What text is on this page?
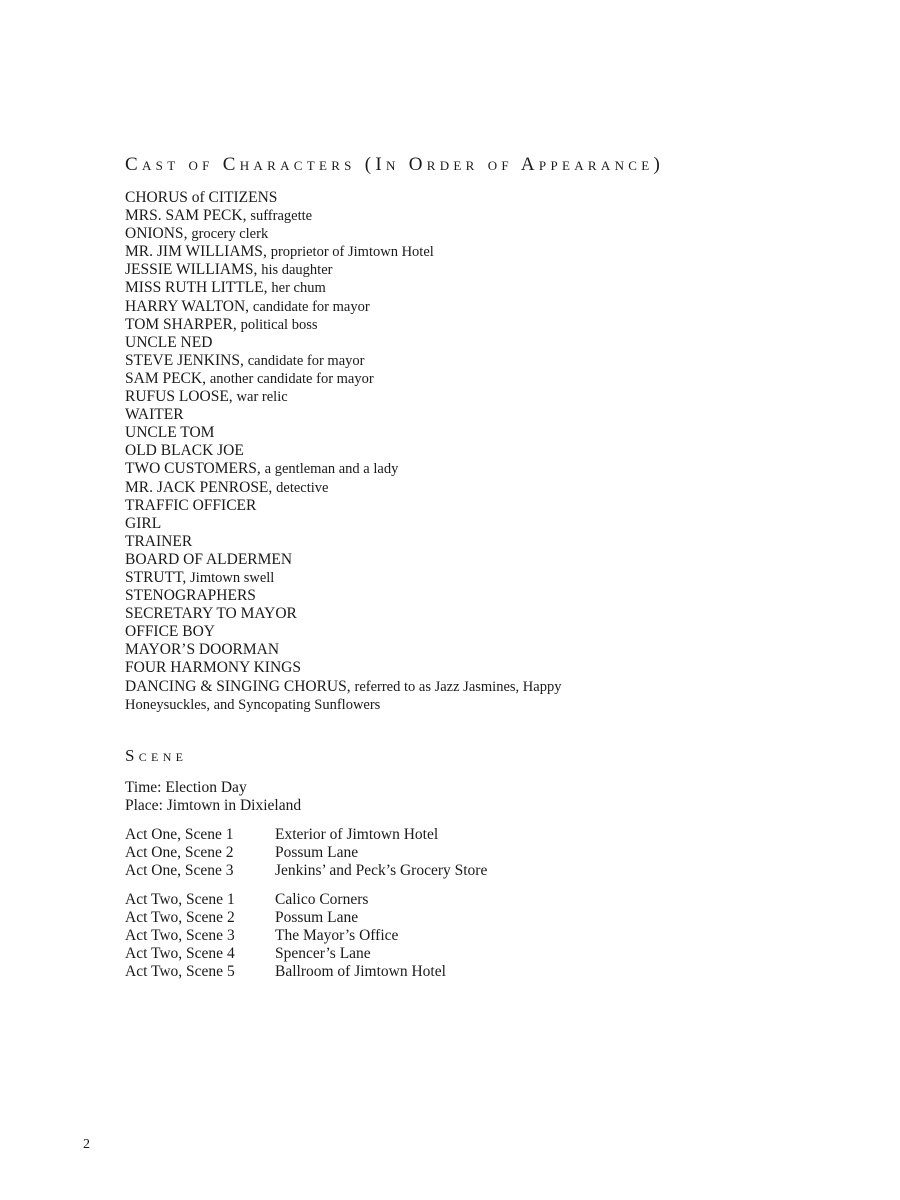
Cast of Characters (In Order of Appearance)
CHORUS of CITIZENS
MRS. SAM PECK, suffragette
ONIONS, grocery clerk
MR. JIM WILLIAMS, proprietor of Jimtown Hotel
JESSIE WILLIAMS, his daughter
MISS RUTH LITTLE, her chum
HARRY WALTON, candidate for mayor
TOM SHARPER, political boss
UNCLE NED
STEVE JENKINS, candidate for mayor
SAM PECK, another candidate for mayor
RUFUS LOOSE, war relic
WAITER
UNCLE TOM
OLD BLACK JOE
TWO CUSTOMERS, a gentleman and a lady
MR. JACK PENROSE, detective
TRAFFIC OFFICER
GIRL
TRAINER
BOARD OF ALDERMEN
STRUTT, Jimtown swell
STENOGRAPHERS
SECRETARY TO MAYOR
OFFICE BOY
MAYOR’S DOORMAN
FOUR HARMONY KINGS
DANCING & SINGING CHORUS, referred to as Jazz Jasmines, Happy Honeysuckles, and Syncopating Sunflowers
Scene
Time: Election Day
Place: Jimtown in Dixieland
Act One, Scene 1	Exterior of Jimtown Hotel
Act One, Scene 2	Possum Lane
Act One, Scene 3	Jenkins’ and Peck’s Grocery Store
Act Two, Scene 1	Calico Corners
Act Two, Scene 2	Possum Lane
Act Two, Scene 3	The Mayor’s Office
Act Two, Scene 4	Spencer’s Lane
Act Two, Scene 5	Ballroom of Jimtown Hotel
2
